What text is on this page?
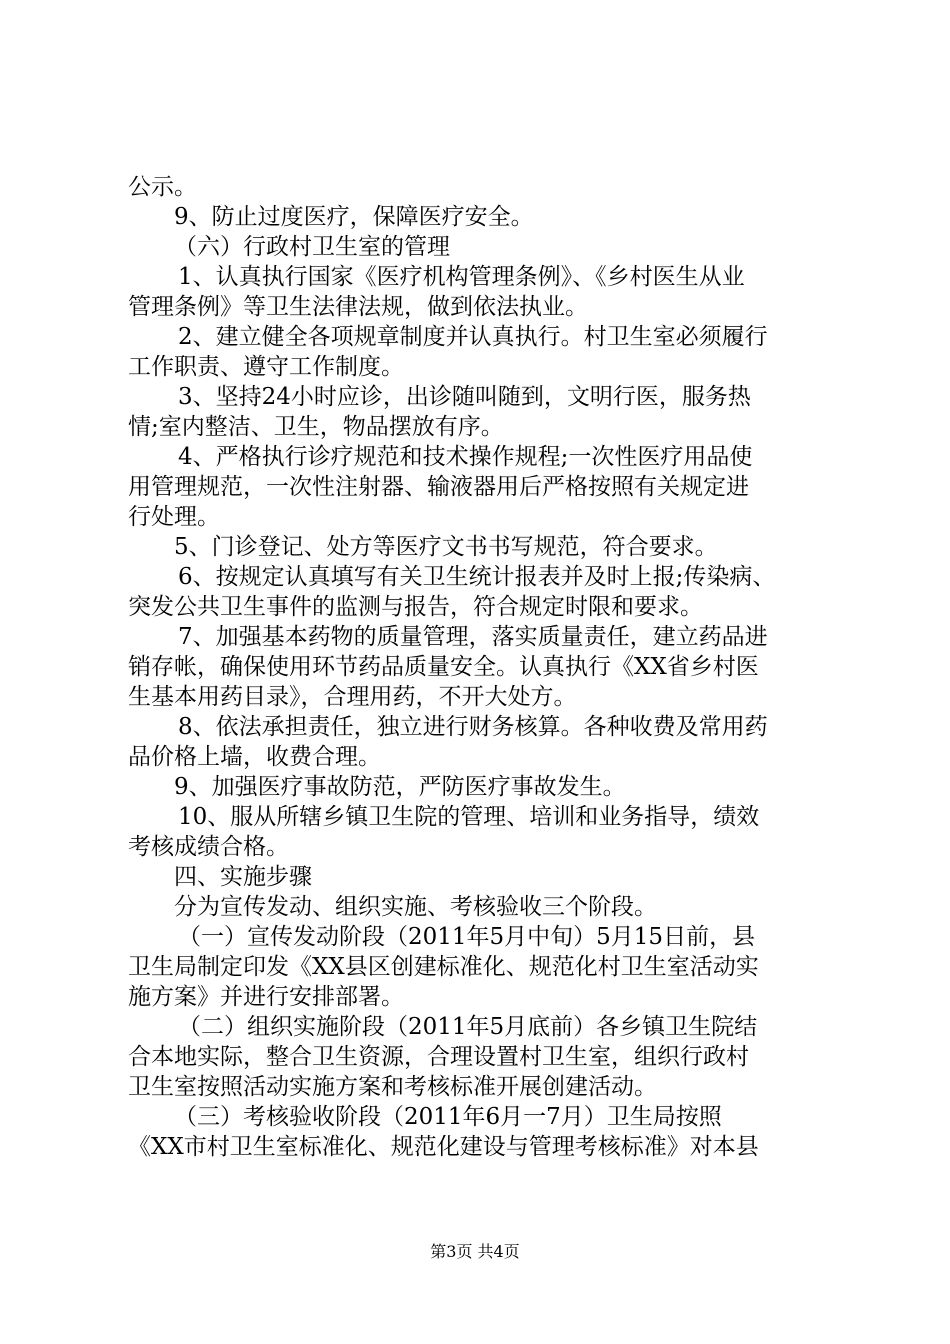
公示。
9、防止过度医疗，保障医疗安全。
（六）行政村卫生室的管理
1、认真执行国家《医疗机构管理条例》、《乡村医生从业
管理条例》等卫生法律法规，做到依法执业。
2、建立健全各项规章制度并认真执行。村卫生室必须履行
工作职责、遵守工作制度。
3、坚持24小时应诊，出诊随叫随到，文明行医，服务热
情;室内整洁、卫生，物品摆放有序。
4、严格执行诊疗规范和技术操作规程;一次性医疗用品使
用管理规范，一次性注射器、输液器用后严格按照有关规定进
行处理。
5、门诊登记、处方等医疗文书书写规范，符合要求。
6、按规定认真填写有关卫生统计报表并及时上报;传染病、
突发公共卫生事件的监测与报告，符合规定时限和要求。
7、加强基本药物的质量管理，落实质量责任，建立药品进
销存帐，确保使用环节药品质量安全。认真执行《XX省乡村医
生基本用药目录》，合理用药，不开大处方。
8、依法承担责任，独立进行财务核算。各种收费及常用药
品价格上墙，收费合理。
9、加强医疗事故防范，严防医疗事故发生。
10、服从所辖乡镇卫生院的管理、培训和业务指导，绩效
考核成绩合格。
四、实施步骤
分为宣传发动、组织实施、考核验收三个阶段。
（一）宣传发动阶段（2011年5月中旬）5月15日前，县
卫生局制定印发《XX县区创建标准化、规范化村卫生室活动实
施方案》并进行安排部署。
（二）组织实施阶段（2011年5月底前）各乡镇卫生院结
合本地实际，整合卫生资源，合理设置村卫生室，组织行政村
卫生室按照活动实施方案和考核标准开展创建活动。
（三）考核验收阶段（2011年6月一7月）卫生局按照
《XX市村卫生室标准化、规范化建设与管理考核标准》对本县
第3页 共4页
